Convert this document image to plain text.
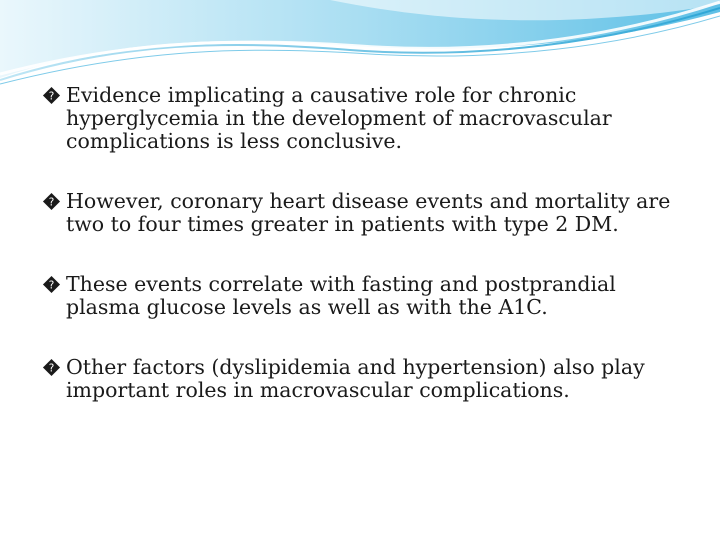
? Evidence implicating a causative role for chronic hyperglycemia in the development of macrovascular complications is less conclusive.
? However, coronary heart disease events and mortality are two to four times greater in patients with type 2 DM.
? These events correlate with fasting and postprandial plasma glucose levels as well as with the A1C.
? Other factors (dyslipidemia and hypertension) also play important roles in macrovascular complications.
